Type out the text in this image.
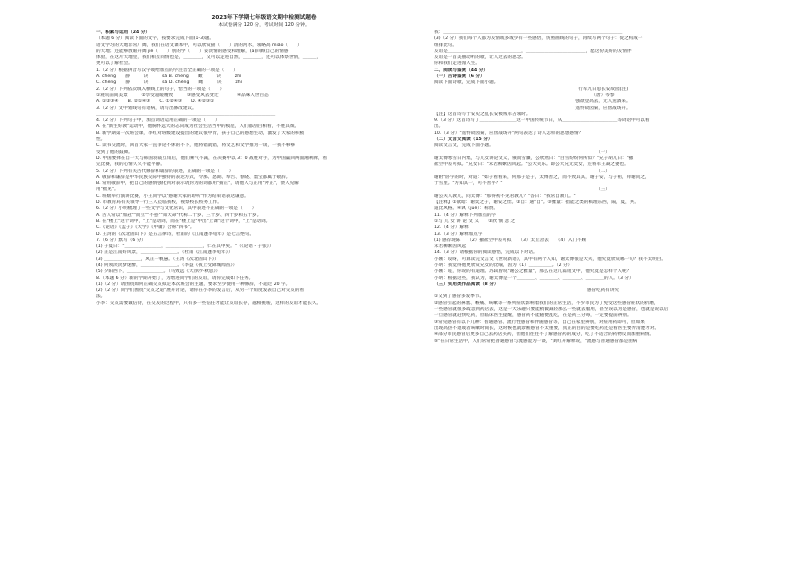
2023年下学期七年级语文期中检测试题卷
本试卷满分 120 分，考试时间 120 分钟。
一、积累与运用（24 分）
（本题 6 分）阅读下面的文字，按要求完成下面(1-3)题。
语文学习的天地非常广阔，我们在语文课本中，可以欣赏描（　　）清的河水，领略高 miǎo（　　）
的天地；还能够放眼开阔 jìé（　　）别的学（　　）妥淡情的感受和理解，(a)回顾自己的情感
体验，在这片天地里，我们相互同情也是，＿＿＿＿，又可以走进自然，＿＿＿＿，还可以体察世情，＿＿＿，
更可以了解社会。
1.（2 分）根据拼音写汉字或给加点的字注音全正确的一项是（　　）
A. chēng　　静　　　诀　　　sà B. chēng　　瞰　　　诀　　　zhí
C. chéng　　静　　　诀　　　sà D. chéng　　瞰　　　诀　　　zhí
2.（2 分）下列依次填入横线上的句子，恰当的一项是（　　）
①观赏前间美景　　　②享受超暖精致　　　③感受风去变迁　　　　④品味人世百态
A. ①②③④　　B. ②①④③　　C. ①②④③　　D. ④②③①
3.（2 分）文中划线句有语病，请写出修改建议。
＿＿＿＿＿＿＿＿＿＿＿＿＿＿＿＿＿＿＿＿＿＿＿＿＿＿＿＿＿＿＿＿＿＿＿＿＿＿＿
4.（2 分）下列句子中，加点词语运用正确的一项是（　　）
A. 在"新生好教"运动中，他胸怀远大的志向成为社会生活当中的模范，人们都刮目相看，不胜其烦。
B. 新学期第一次班会课，李红对班级建设提出的建议很中肯，孩子自己的感想生动，激发了大家的积极
性。
C. 读书交流时，回首大家一直争论不休的不下，他将错就错，将文艺和文学推为一谈，一我不够够
受到了他的鼓舞。
D. 中国要择在自一天与韩国羽战互角后，他们乘气不减，在决赛中以 3：0 战胜对手，为中国赢回两面湘利牌，看
完比赛，我的心情久久不能平静。
5.（2 分）下列有关古代修辞和诵辞的表述，正确的一项是（　　）
A. 敬辞和谦辞是中华民族交际中独特的表达方式，令那、恶期、奉告、春晓、墨宝都属于敬辞。
B. 常用敬辞中，把自己的感情强化到对表示请封为的词都用"猜正"，请他人与正用"斧正"，赞人见解
用"拙见"。
C. 班级举行演讲比赛，小王同学以"感谢大家的聆听"作为结束语表达谦意。
D. 市教育局有关领导一行三人莅临我校，视察校长校务工作。
6.（2 分）小明梳理了一些文学与文化常识，其中表述不正确的一项是（　　）
A. 古人常以"加冠""而立""不惑""知天命"代称二十岁、三十岁、四十岁和五十岁。
B. 在"楼上"这个词中，"上"是动词，而在"楼上是"中出"上课"这个词中，"上"是动词。
C.《论语》《孟子》《大学》《中庸》合称"四书"。
D. 王湾的《次北固山下》是五言律诗，杜甫的《江南逢李龟年》是七言绝句。
7.（6 分）默写（6 分）
(1) 子夏曰："＿＿＿＿＿＿＿＿，＿＿＿＿＿＿＿＿，仁在其中矣。"（《论语・子张》）
(2) 正是江南好风景，＿＿＿＿＿＿＿＿。（杜甫《江南逢李龟年》）
(3) ＿＿＿＿＿＿＿＿，风正一帆悬。（王湾《次北固山下》）
(4) 何须淡淡梦迷醉，＿＿＿＿＿＿＿＿。（李益《夜上受降城闻笛》）
(5) 夕阳西下，＿＿＿＿＿＿＿＿。（马致远《天净沙·秋思》）
8.（本题 6 分）新的学期开始了，为增进同学们的友谊，请你完成如下任务。
(1)（2 分）请围绕如何正确交友拟定本次班会的主题，要求至少使用一种修辞，不超过 20 字。
(2)（2 分）同学们围绕"交友之道"展开讨论，请你在小李的发言后，从另一个角度发表自己对交友的看
法。
小李：交友需要诚信待，在交友的过程中，只有多一些信任才能让友谊长存，越相挑唆，这样的友谊才能长久。
我：＿＿＿＿＿＿＿＿＿＿＿＿＿＿＿＿＿＿＿＿＿＿＿＿＿＿＿＿＿＿＿＿＿＿＿＿＿＿＿
(3)（2 分）我们每个人都为友情或多或少有一些感悟，仿照画线的句子，再续写两个句子：促之构成一
组排比句。
友谊是＿＿＿＿＿＿＿＿＿＿＿＿＿＿＿＿，＿＿＿＿＿＿＿＿＿＿＿＿＿，愿这份美好的友情伴
友谊是一首美丽动听的歌，让人过去的思念。
你和我们走进漫人生。
二、阅读与鉴赏（44 分）
（一）古诗鉴赏（6 分）
阅读下面诗歌，完成下面小题。
行军九日思长安故园[注]
（唐）岑参
强欲登高去，无人送酒来。
遥怜故园菊，应傍战场开。
【注】这首诗写于安史之乱长安被叛军占领时。
9.（3 分）这首诗写了＿＿＿＿＿＿＿＿这一中国传统节日，从＿＿＿＿＿＿＿＿＿＿＿＿等词语中可以看
出。
10.（3 分）"遥怜故园菊，应傍战场开"两句表达了诗人怎样的思想感情？
（二）文言文阅读（15 分）
阅读文言文，完成下面小题。
（一）
谢太傅寒雪日内集，与儿女讲论文义，俄而雪骤，公欣然曰："白雪纷纷何所似？"兄子胡儿曰："撒
盐空中差可拟。"兄女曰："未若柳絮因风起。"公大笑乐。即公大兄无奕女，左将军王凝之妻也。
（二）
谢附"卧字的时，对道："如子看看来，何那子是子，太傅善之，而不致其其，谢子安，与子祖，拜谢问之，
于雪里。"方知其一，可不善乎？"
（三）
谢公夫人教儿，问太傅："那得初不见君教儿？"答曰："我常自教儿。"
【注释】①欲暗：谢奕之子，谢安之侄。②自：通"自"。③雅量：指能之类的棋理东西，隔，夏，共。
道比风格。④讽（jué）：称赞。
11.（4 分）解释下列加点的字
①与 儿 女 讲 论 文 义　　②欣 悯 悲 之
12.（4 分）解释
13.（3 分）解释加点字
(1) 感荐现陈　　（2）撒盐空中差可拟　　（3）太丘舍去　　（4）入门不顾
未若柳絮因风起
14.（3 分）请根据你的阅读感悟，完成以下对话。
小刚：哎呀，可算读完文言文《世说新语》，其中有两个人知，谢太傅很是大夫，他究竟欣赏哪一句？我不太明白。
小明：我觉得他更欣赏兄女的比喻，因为（1）＿＿＿＿＿。（2 分）
小刚：哇，你说的有道理。苏轼曾说"谢公之雅量"，那么在这几篇短文中，他究竟是怎样个人呢？
小明：根据这些，我认为，谢太傅是一个＿＿＿＿、＿＿＿＿、＿＿＿＿、＿＿＿＿的人。（3 分）
（三）实用类作品阅读（8 分）
感冒吃药有讲究
①又到了感冒多发季节。
②感冒引起的鼻塞、喉痛、咳嗽等一系列症状影响着我们的正常生活，不少市民为了免受这些感冒症状的折磨，
一些感冒就很多疏忽到药店去，这是一大乐趣只要能稍微减轻那么一些就去服用，甚至误以为是感冒，也就是说以后
一旦感冒就赶快吃药，但临床医生提醒，感冒药不能随便乱吃，在是药三分毒，一定要提前辨别。
③常见感冒有以下几种：普通感冒、流行性感冒和伴随感冒等，自己在家里辨别，对症用药即可，但如果
出现高热不退或者咳嗽时间长，这时候也就诊断感冒不太重要，真正的目的是要吃药还是看医生要弄清楚才对。
④部分市民感冒后更多自己去药店买药，但他们往往不了解感冒药的成分，吃了不适合的药物反而加重病情。
⑤"在日常生活中，人们常常把普通感冒与流感混为一谈，"刘红升解释说，"流感与普通感冒都是由病
